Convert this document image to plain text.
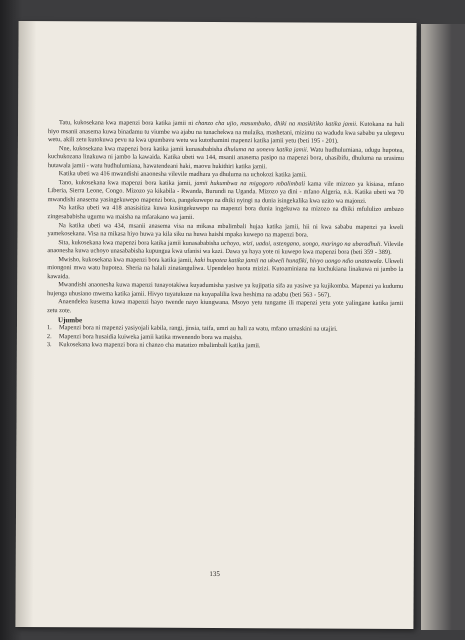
Tatu, kukosekana kwa mapenzi bora katika jamii ni chanzo cha ujio, masumbuko, dhiki na masikitiko katika jamii. Kutokana na hali hiyo msanii anasema kuwa binadamu tu viumbe wa ajabu na tunachekwa na mulaika, mashetani, mizimu na wadudu kwa sababu ya ulegevu wetu, akili zetu kutokuwa pevu na kwa upumbavu wetu wa kutothamini mapenzi katika jamii yetu (beti 195 - 201).

Nne, kukosekana kwa mapenzi bora katika jamii kunasababisha dhuluma na uonevu katika jamii. Watu hudhulumiana, udugu hupotea, kuchukozana linakuwa ni jambo la kawaida. Katika ubeti wa 144, msanii anasema pasipo na mapenzi bora, uhasibifu, dhuluma na urasimu hutawala jamii - watu hudhulumiana, hawatendeani haki, maovu hukithiri katika jamii.

Katika ubeti wa 416 mwandishi anaonesha vilevile madhara ya dhuluma na uchokozi katika jamii.

Tano, kukosekana kwa mapenzi bora katika jamii, jamii hukumbwa na migogoro mbalimbali kama vile mizozo ya kisiasa, mfano Liberia, Sierra Leone, Congo. Mizozo ya kikabila - Rwanda, Burundi na Uganda. Mizozo ya dini - mfano Algeria, n.k. Katika ubeti wa 70 mwandishi anasema yasingekuwepo mapenzi bora, pangekuwepo na dhiki nyingi na dunia isingekalika kwa uzito wa majonzi.

Na katika ubeti wa 418 anasisitiza kuwa kusingekuwepo na mapenzi bora dunia ingekuwa na mizozo na dhiki mfululizo ambazo zingesababisha ugumu wa maisha na mfarakano wa jamii.

Na katika ubeti wa 434, msanii anasema visa na mikasa mbalimbali hujaa katika jamii, hii ni kwa sababu mapenzi ya kweli yamekosekana. Visa na mikasa hiyo huwa ya kila siku na huwa haishi mpaka kuwepo na mapenzi bora.

Sita, kukosekana kwa mapenzi bora katika jamii kunasababisha uchoyo, wizi, uadui, ustengano, uongo, maringo na ubaradhuli. Vilevile anaonesha kuwa uchoyo unasababisha kupungua kwa ufanisi wa kazi. Dawa ya haya yote ni kuwepo kwa mapenzi bora (beti 359 - 389).

Mwisho, kukosekana kwa mapenzi bora katika jamii, haki hupotea katika jamii na ukweli hunafiki, hivyo uongo ndio unatawala. Ukweli miongoni mwa watu hupotea. Sheria na halali zinatanguliwa. Upendeleo huota mizizi. Kutoaminiana na kuchukiana linakuwa ni jambo la kawaida.

Mwandishi anaonesha kuwa mapenzi tunayotakiwa kuyadumisha yasiwe ya kujipatia sifa au yasiwe ya kujikomba. Mapenzi ya kudumu hujenga uhusiano mwema katika jamii. Hivyo tuyatukuze na kuyapalilia kwa heshima na adabu (beti 563 - 567).

Anaendelea kusema kuwa mapenzi hayo twende nayo kiungwana. Msoyo yetu tungame ili mapenzi yetu yote yalingane katika jamii zetu zote.

Ujumbe

1.	Mapenzi bora ni mapenzi yasiyojali kabila, rangi, jinsia, taifa, umri au hali za watu, mfano umaskini na utajiri.
2.	Mapenzi bora husaidia kuiweka jamii katika mwenendo bora wa maisha.
3.	Kukosekana kwa mapenzi bora ni chanzo cha matatizo mbalimbali katika jamii.
135
